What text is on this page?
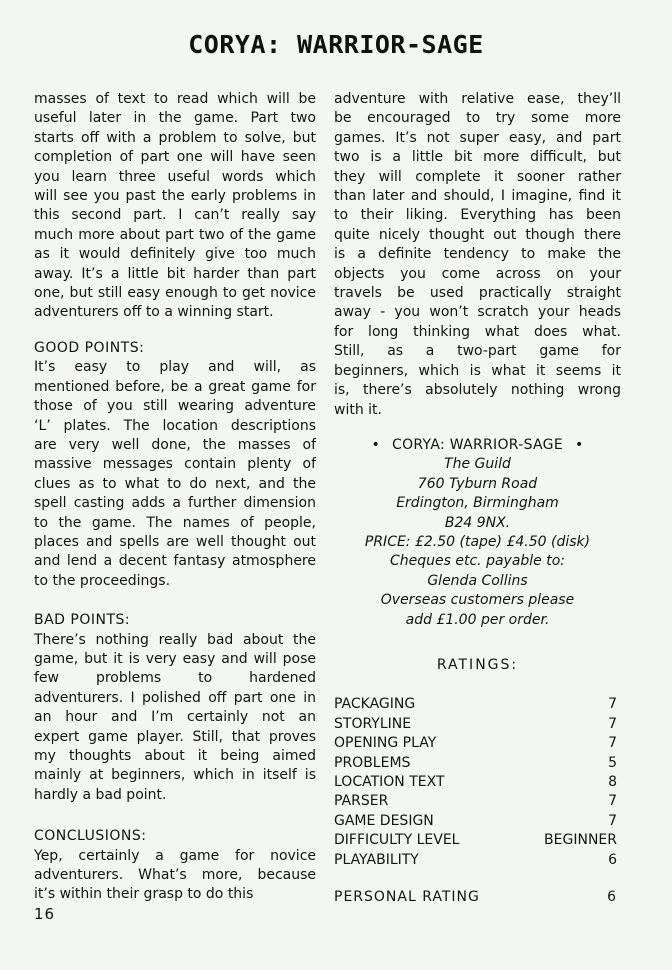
CORYA: WARRIOR-SAGE

masses of text to read which will be
useful later in the game. Part two
starts off with a problem to solve, but
completion of part one will have seen
you learn three useful words which
will see you past the early problems in
this second part. I can’t really say
much more about part two of the game
as it would definitely give too much
away. It’s a little bit harder than part
one, but still easy enough to get novice
adventurers off to a winning start.

GOOD POINTS:

It’s easy to play and will, as
mentioned before, be a great game for
those of you still wearing adventure
‘L’ plates. The location descriptions
are very well done, the masses of
massive messages contain plenty of
clues as to what to do next, and the
spell casting adds a further dimension
to the game. The names of people,
places and spells are well thought out
and lend a decent fantasy atmosphere
to the proceedings.

BAD POINTS:

There’s nothing really bad about the
game, but it is very easy and will pose
few problems to hardened
adventurers. I polished off part one in
an hour and I’m certainly not an
expert game player. Still, that proves
my thoughts about it being aimed
mainly at beginners, which in itself is
hardly a bad point.

CONCLUSIONS:

Yep, certainly a game for novice
adventurers. What’s more, because
it’s within their grasp to do this

16

adventure with relative ease, they’ll
be encouraged to try some more
games. It’s not super easy, and part
two is a little bit more difficult, but
they will complete it sooner rather
than later and should, I imagine, find it
to their liking. Everything has been
quite nicely thought out though there
is a definite tendency to make the
objects you come across on your
travels be used practically straight
away - you won’t scratch your heads
for long thinking what does what.
Still, as a two-part game for
beginners, which is what it seems it
is, there’s absolutely nothing wrong
with it.

• CORYA: WARRIOR-SAGE •
The Guild
760 Tyburn Road
Erdington, Birmingham
B24 9NX.
PRICE: £2.50 (tape) £4.50 (disk)
Cheques etc. payable to:
Glenda Collins
Overseas customers please
add £1.00 per order.
RATINGS:
PACKAGING	7
STORYLINE	7
OPENING PLAY	7
PROBLEMS	5
LOCATION TEXT	8
PARSER	7
GAME DESIGN	7
DIFFICULTY LEVEL	BEGINNER
PLAYABILITY	6
PERSONAL RATING	6
